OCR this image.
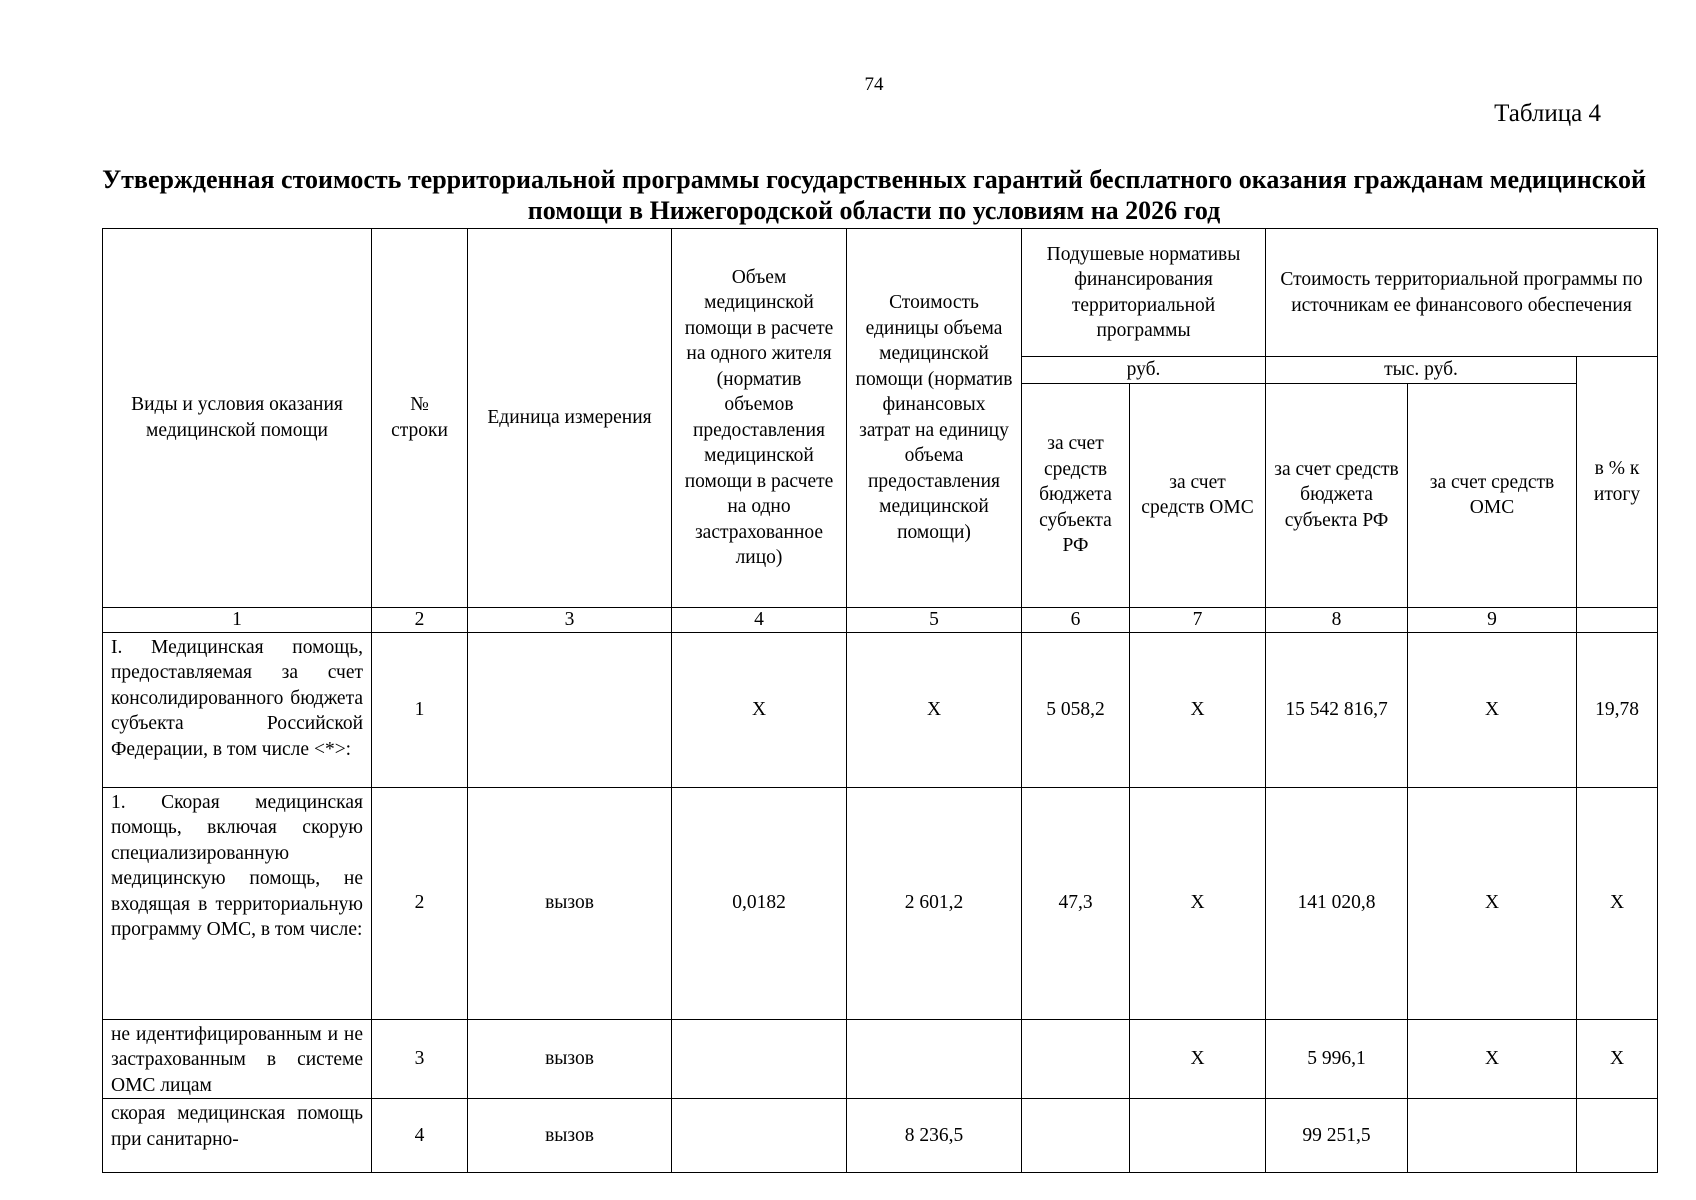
74
Таблица 4
Утвержденная стоимость территориальной программы государственных гарантий бесплатного оказания гражданам медицинской помощи в Нижегородской области по условиям на 2026 год
Виды и условия оказания медицинской помощи	№ строки	Единица измерения	Объем медицинской помощи в расчете на одного жителя (норматив объемов предоставления медицинской помощи в расчете на одно застрахованное лицо)	Стоимость единицы объема медицинской помощи (норматив финансовых затрат на единицу объема предоставления медицинской помощи)	Подушевые нормативы финансирования территориальной программы		Стоимость территориальной программы по источникам ее финансового обеспечения		
					руб.		тыс. руб.		в % к итогу
					за счет средств бюджета субъекта РФ	за счет средств ОМС	за счет средств бюджета субъекта РФ	за счет средств ОМС	
1	2	3	4	5	6	7	8	9	
I. Медицинская помощь, предоставляемая за счет консолидированного бюджета субъекта Российской Федерации, в том числе <*>:	1		X	X	5 058,2	X	15 542 816,7	X	19,78
1. Скорая медицинская помощь, включая скорую специализированную медицинскую помощь, не входящая в территориальную программу ОМС, в том числе:	2	вызов	0,0182	2 601,2	47,3	X	141 020,8	X	X
не идентифицированным и не застрахованным в системе ОМС лицам	3	вызов				X	5 996,1	X	X
скорая медицинская помощь при санитарно-	4	вызов		8 236,5			99 251,5		
